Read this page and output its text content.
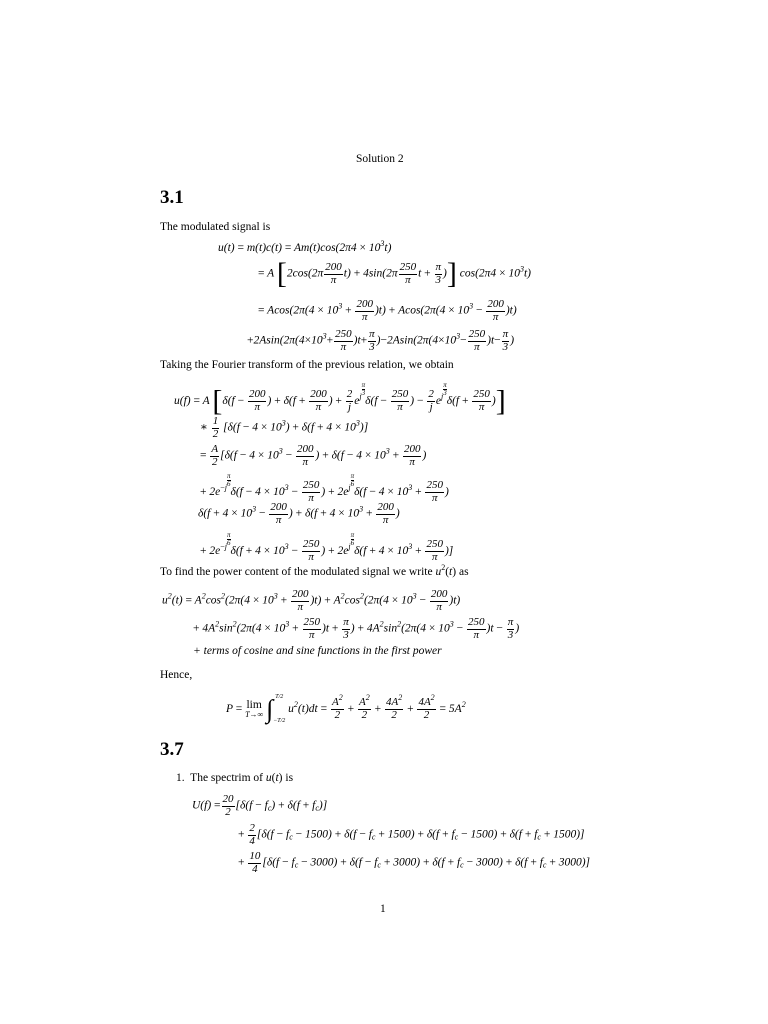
Solution 2
3.1
The modulated signal is
$u(t) = m(t)c(t) = Am(t)\cos(2\pi 4 \times 10^3t)$
= A [$2\cos(2\pi \frac{200}{\pi} t) + 4\sin(2\pi \frac{250}{\pi}$ $t + \frac{\pi}{3}$ )] $\cos(2\pi 4 \times 10^3t)$
= $Acos(2\pi(4 \times 10^3 + \frac{200}{\pi} )t) + Acos(2\pi(4 \times 10^3 - \frac{200}{\pi} )t)$
$+2Asin(2\pi(4\times 10^3+ \frac{250}{\pi} )t+ \frac{\pi}{3} )-2Asin(2\pi(4\times 10^3- \frac{250}{\pi} )t- \frac{\pi}{3}$ )
Taking the Fourier transform of the previous relation, we obtain
u(f) = A [$\delta(f - \frac{200}{\pi}$ ) + $\delta(f + \frac{200}{\pi}$ ) + $\frac{2}{j} e^{j \frac{\pi}{3}}$
$\delta(f - \frac{250}{\pi}$ ) − $\frac{2}{j} e^{j \frac{\pi}{3}}$
$\delta(f + \frac{250}{\pi}$ )]
∗ $\frac{1}{2} [\delta(f - 4 \times 10^3) + \delta(f + 4 \times 10^3)]$
= $\frac{A}{2} [\delta(f - 4 \times 10^3 - \frac{200}{\pi}$ ) + $\delta(f - 4 \times 10^3 + \frac{200}{\pi}$ )
+ $2e^{-j \frac{\pi}{6}}$
$\delta(f - 4 \times 10^3 - \frac{250}{\pi}$ ) + $2e^{j \frac{\pi}{6}}$
$\delta(f - 4 \times 10^3 + \frac{250}{\pi}$ )
$\delta(f + 4 \times 10^3 - \frac{200}{\pi}$ ) + $\delta(f + 4 \times 10^3 + \frac{200}{\pi}$ )
+ $2e^{-j \frac{\pi}{6}}$
$\delta(f + 4 \times 10^3 - \frac{250}{\pi}$ ) + $2e^{j \frac{\pi}{6}}$
$\delta(f + 4 \times 10^3 + \frac{250}{\pi}$ )]
To find the power content of the modulated signal we write $u^2(t)$ as
$u^2(t) = A^2\cos^2(2\pi(4 \times 10^3 + \frac{200}{\pi} )t) + A^2\cos^2(2\pi(4 \times 10^3 - \frac{200}{\pi} )t)$
+ $4A^2\sin^2(2\pi(4 \times 10^3 + \frac{250}{\pi} )t + \frac{\pi}{3}$ ) + $4A^2\sin^2(2\pi(4 \times 10^3 - \frac{250}{\pi} )t - \frac{\pi}{3}$ )
+ terms of cosine and sine functions in the first power
Hence,
P = lim
T→∞ ∫ T/2
−T/2
$u^2(t)dt = \frac{A^2}{2} + \frac{A^2}{2} + \frac{4A^2}{2} + \frac{4A^2}{2} = 5A^2$
3.7
1. The spectrim of u(t) is
$U(f) = \frac{20}{2} [\delta(f - f_c) + \delta(f + f_c)]$
+ $\frac{2}{4} [\delta(f - f_c - 1500) + \delta(f - f_c + 1500) + \delta(f + f_c - 1500) + \delta(f + f_c + 1500)]$
+ $\frac{10}{4} [\delta(f - f_c - 3000) + \delta(f - f_c + 3000) + \delta(f + f_c - 3000) + \delta(f + f_c + 3000)]$
1
